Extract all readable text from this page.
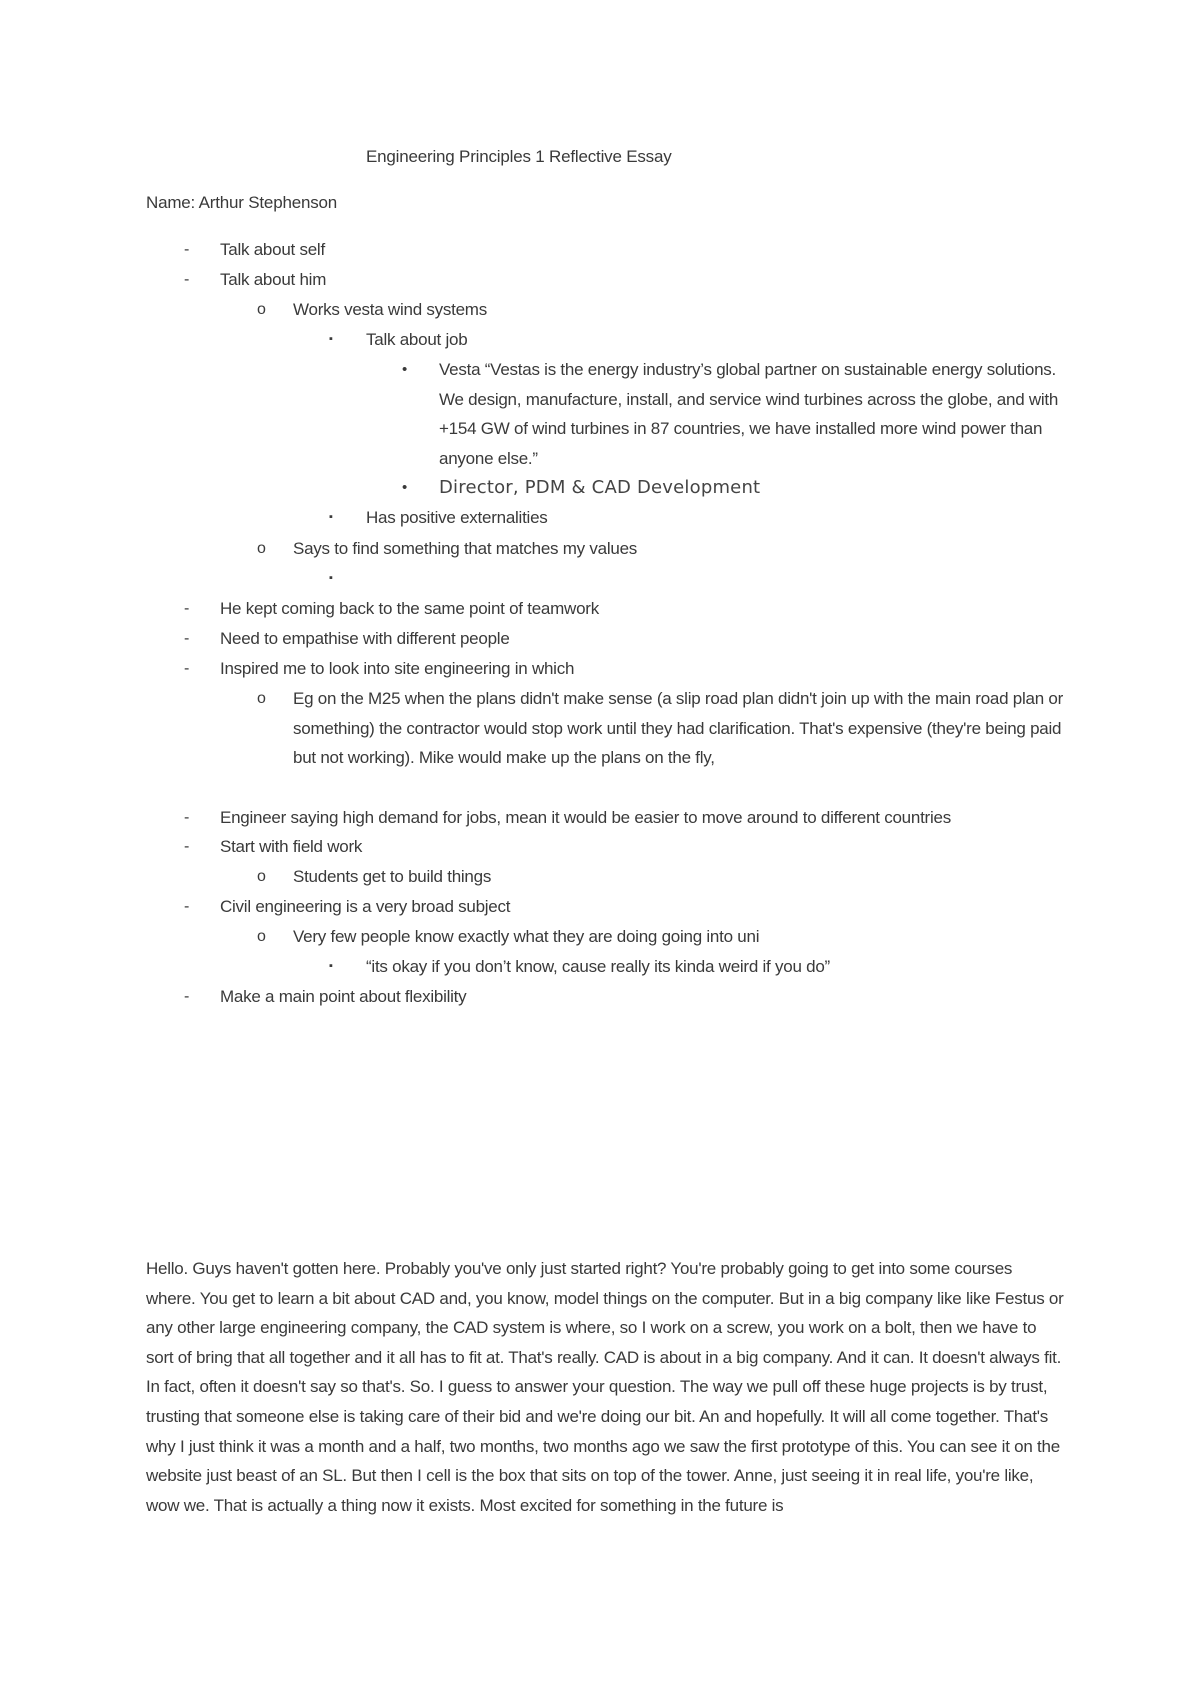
Engineering Principles 1 Reflective Essay
Name: Arthur Stephenson
- Talk about self
- Talk about him
o Works vesta wind systems
▪ Talk about job
• Vesta “Vestas is the energy industry’s global partner on sustainable energy solutions. We design, manufacture, install, and service wind turbines across the globe, and with +154 GW of wind turbines in 87 countries, we have installed more wind power than anyone else.”
• Director, PDM & CAD Development
▪ Has positive externalities
o Says to find something that matches my values
▪
- He kept coming back to the same point of teamwork
- Need to empathise with different people
- Inspired me to look into site engineering in which
o Eg on the M25 when the plans didn't make sense (a slip road plan didn't join up with the main road plan or something) the contractor would stop work until they had clarification. That's expensive (they're being paid but not working). Mike would make up the plans on the fly,
- Engineer saying high demand for jobs, mean it would be easier to move around to different countries
- Start with field work
o Students get to build things
- Civil engineering is a very broad subject
o Very few people know exactly what they are doing going into uni
▪ “its okay if you don’t know, cause really its kinda weird if you do”
- Make a main point about flexibility
Hello. Guys haven't gotten here. Probably you've only just started right? You're probably going to get into some courses where. You get to learn a bit about CAD and, you know, model things on the computer. But in a big company like like Festus or any other large engineering company, the CAD system is where, so I work on a screw, you work on a bolt, then we have to sort of bring that all together and it all has to fit at. That's really. CAD is about in a big company. And it can. It doesn't always fit. In fact, often it doesn't say so that's. So. I guess to answer your question. The way we pull off these huge projects is by trust, trusting that someone else is taking care of their bid and we're doing our bit. An and hopefully. It will all come together. That's why I just think it was a month and a half, two months, two months ago we saw the first prototype of this. You can see it on the website just beast of an SL. But then I cell is the box that sits on top of the tower. Anne, just seeing it in real life, you're like, wow we. That is actually a thing now it exists. Most excited for something in the future is
